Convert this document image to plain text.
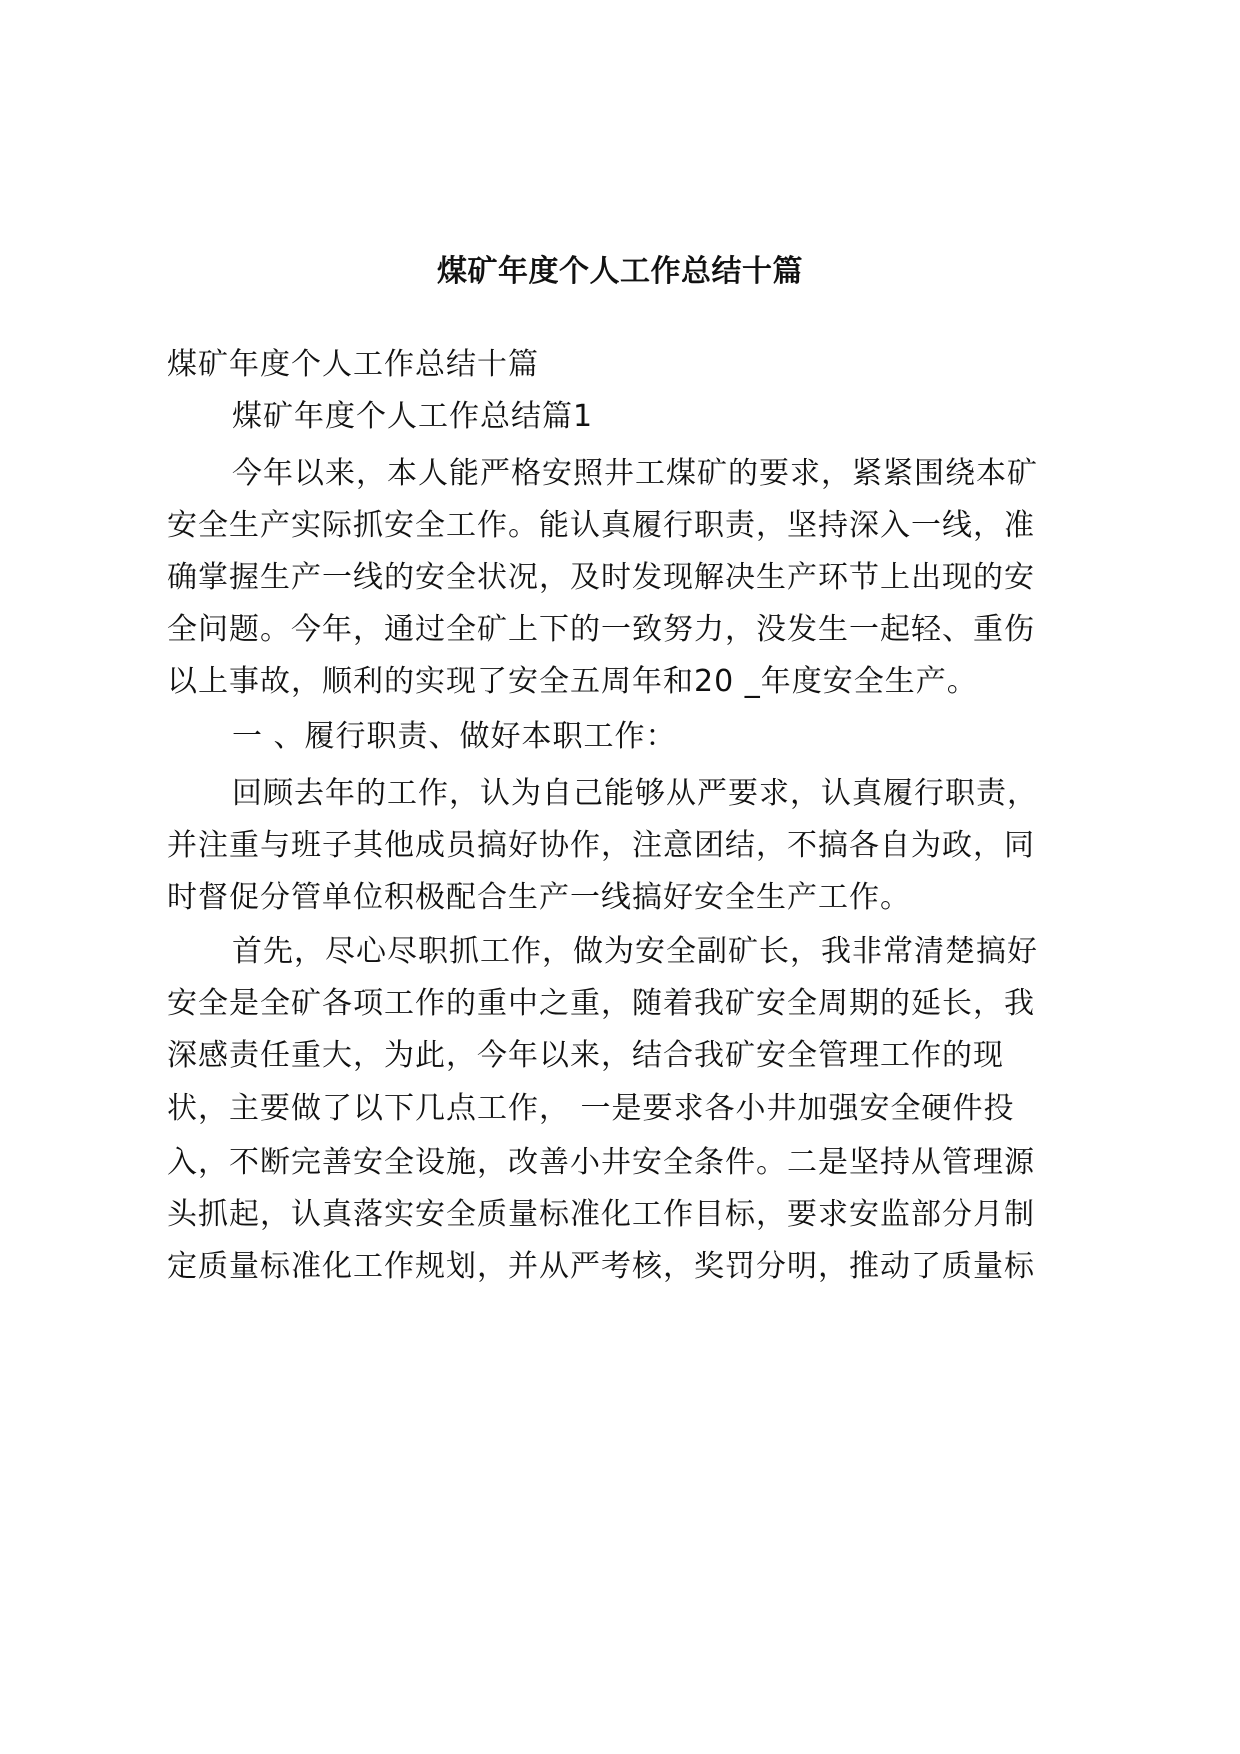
煤矿年度个人工作总结十篇
煤矿年度个人工作总结十篇
煤矿年度个人工作总结篇1
今年以来，本人能严格安照井工煤矿的要求，紧紧围绕本矿
安全生产实际抓安全工作。能认真履行职责，坚持深入一线，准
确掌握生产一线的安全状况，及时发现解决生产环节上出现的安
全问题。今年，通过全矿上下的一致努力，没发生一起轻、重伤
以上事故，顺利的实现了安全五周年和20 _年度安全生产。
一 、履行职责、做好本职工作：
回顾去年的工作，认为自己能够从严要求，认真履行职责，
并注重与班子其他成员搞好协作，注意团结，不搞各自为政，同
时督促分管单位积极配合生产一线搞好安全生产工作。
首先，尽心尽职抓工作，做为安全副矿长，我非常清楚搞好
安全是全矿各项工作的重中之重，随着我矿安全周期的延长，我
深感责任重大，为此，今年以来，结合我矿安全管理工作的现
状，主要做了以下几点工作， 一是要求各小井加强安全硬件投
入，不断完善安全设施，改善小井安全条件。二是坚持从管理源
头抓起，认真落实安全质量标准化工作目标，要求安监部分月制
定质量标准化工作规划，并从严考核，奖罚分明，推动了质量标
